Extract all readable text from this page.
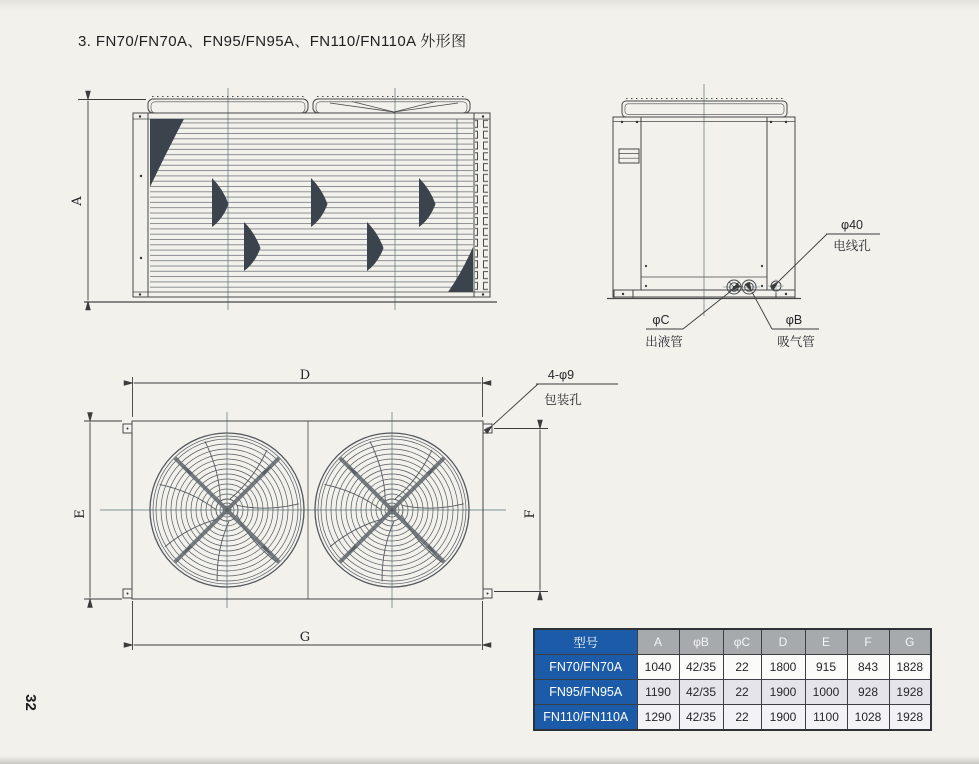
3. FN70/FN70A、FN95/FN95A、FN110/FN110A 外形图
32
A
φ40
电线孔
φC
出液管
φB
吸气管
D
E	F
G
4-φ9
包装孔
型号	A	φB	φC	D	E	F	G
FN70/FN70A	1040	42/35	22	1800	915	843	1828
FN95/FN95A	1190	42/35	22	1900	1000	928	1928
FN110/FN110A	1290	42/35	22	1900	1100	1028	1928
